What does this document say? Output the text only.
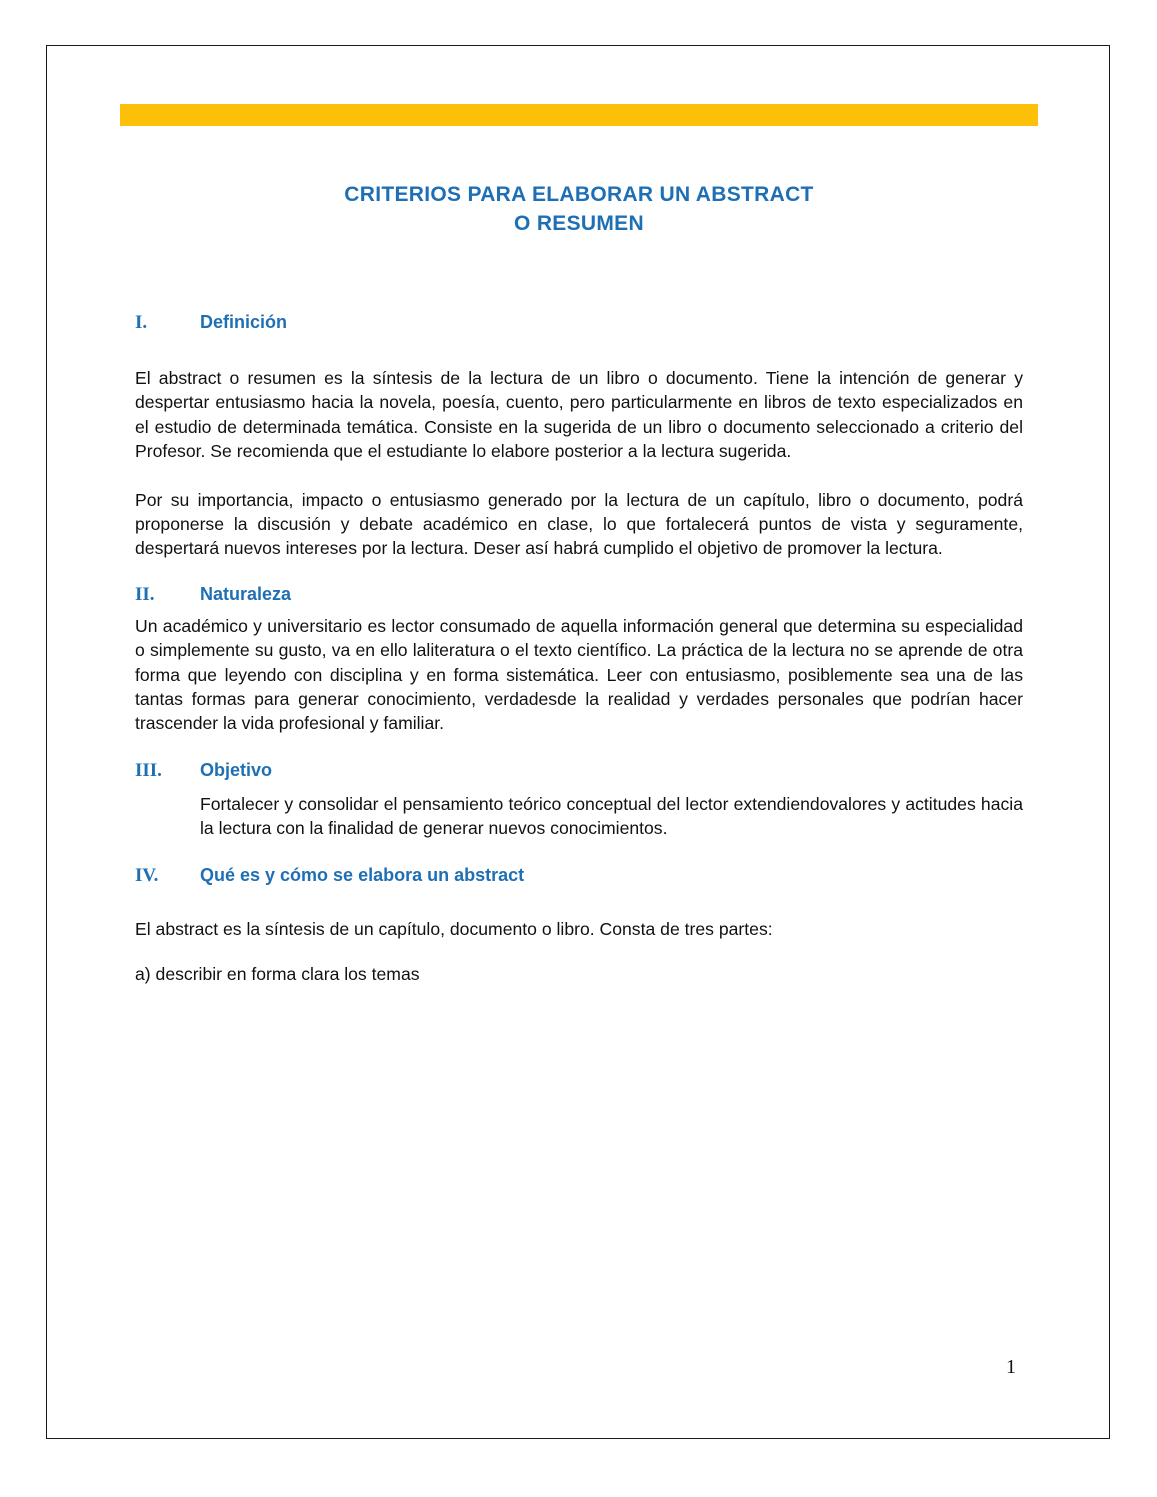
CRITERIOS PARA ELABORAR UN ABSTRACT
O RESUMEN
I.	Definición

El abstract o resumen es la síntesis de la lectura de un libro o documento. Tiene la intención de generar y despertar entusiasmo hacia la novela, poesía, cuento, pero particularmente en libros de texto especializados en el estudio de determinada temática. Consiste en la sugerida de un libro o documento seleccionado a criterio del Profesor. Se recomienda que el estudiante lo elabore posterior a la lectura sugerida.

Por su importancia, impacto o entusiasmo generado por la lectura de un capítulo, libro o documento, podrá proponerse la discusión y debate académico en clase, lo que fortalecerá puntos de vista y seguramente, despertará nuevos intereses por la lectura. Deser así habrá cumplido el objetivo de promover la lectura.

II.	Naturaleza

Un académico y universitario es lector consumado de aquella información general que determina su especialidad o simplemente su gusto, va en ello laliteratura o el texto científico. La práctica de la lectura no se aprende de otra forma que leyendo con disciplina y en forma sistemática. Leer con entusiasmo, posiblemente sea una de las tantas formas para generar conocimiento, verdadesde la realidad y verdades personales que podrían hacer trascender la vida profesional y familiar.

III.	Objetivo

Fortalecer y consolidar el pensamiento teórico conceptual del lector extendiendovalores y actitudes hacia la lectura con la finalidad de generar nuevos conocimientos.

IV.	Qué es y cómo se elabora un abstract

El abstract es la síntesis de un capítulo, documento o libro. Consta de tres partes:

a) describir en forma clara los temas

1
